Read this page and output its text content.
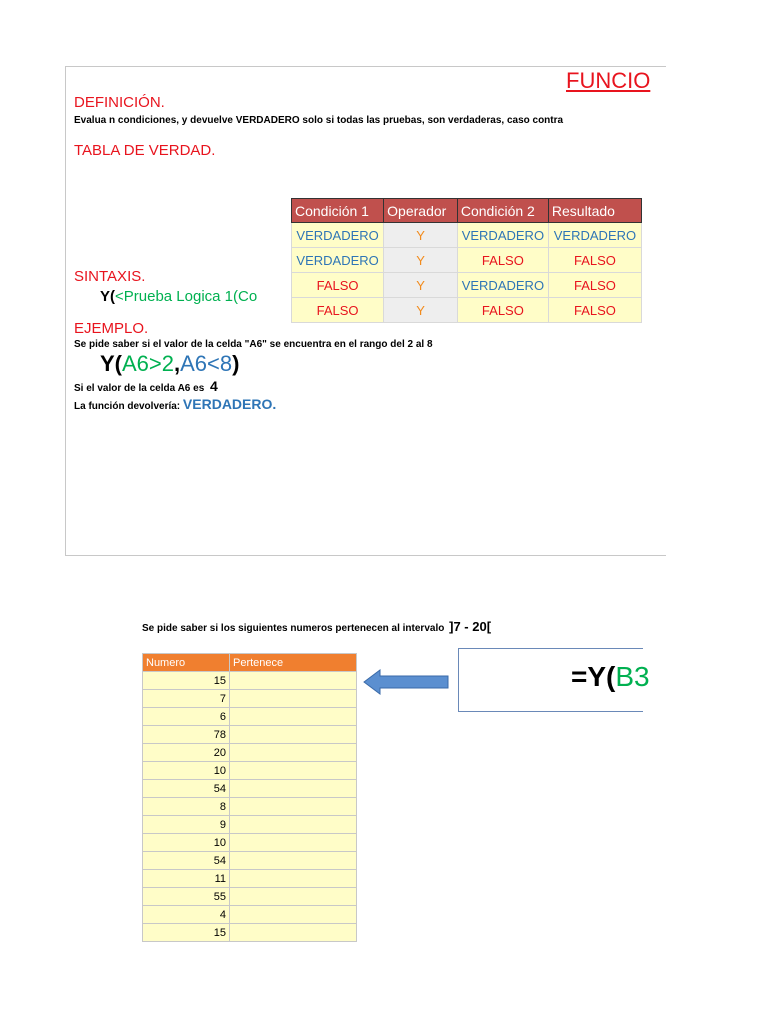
FUNCIO
DEFINICIÓN.
Evalua n condiciones, y devuelve VERDADERO solo si todas las pruebas, son verdaderas, caso contra
TABLA DE VERDAD.
Condición 1	Operador	Condición 2	Resultado
VERDADERO	Y	VERDADERO	VERDADERO
VERDADERO	Y	FALSO	FALSO
FALSO	Y	VERDADERO	FALSO
FALSO	Y	FALSO	FALSO
SINTAXIS.
Y(<Prueba Logica 1(Co
EJEMPLO.
Se pide saber si el valor de la celda "A6" se encuentra en el rango del 2 al 8
Y(A6>2,A6<8)
Si el valor de la celda A6 es 4
La función devolvería: VERDADERO.
Se pide saber si los siguientes numeros pertenecen al intervalo ]7 - 20[
Numero	Pertenece
15	
7	
6	
78	
20	
10	
54	
8	
9	
10	
54	
11	
55	
4	
15	
=Y(B3
